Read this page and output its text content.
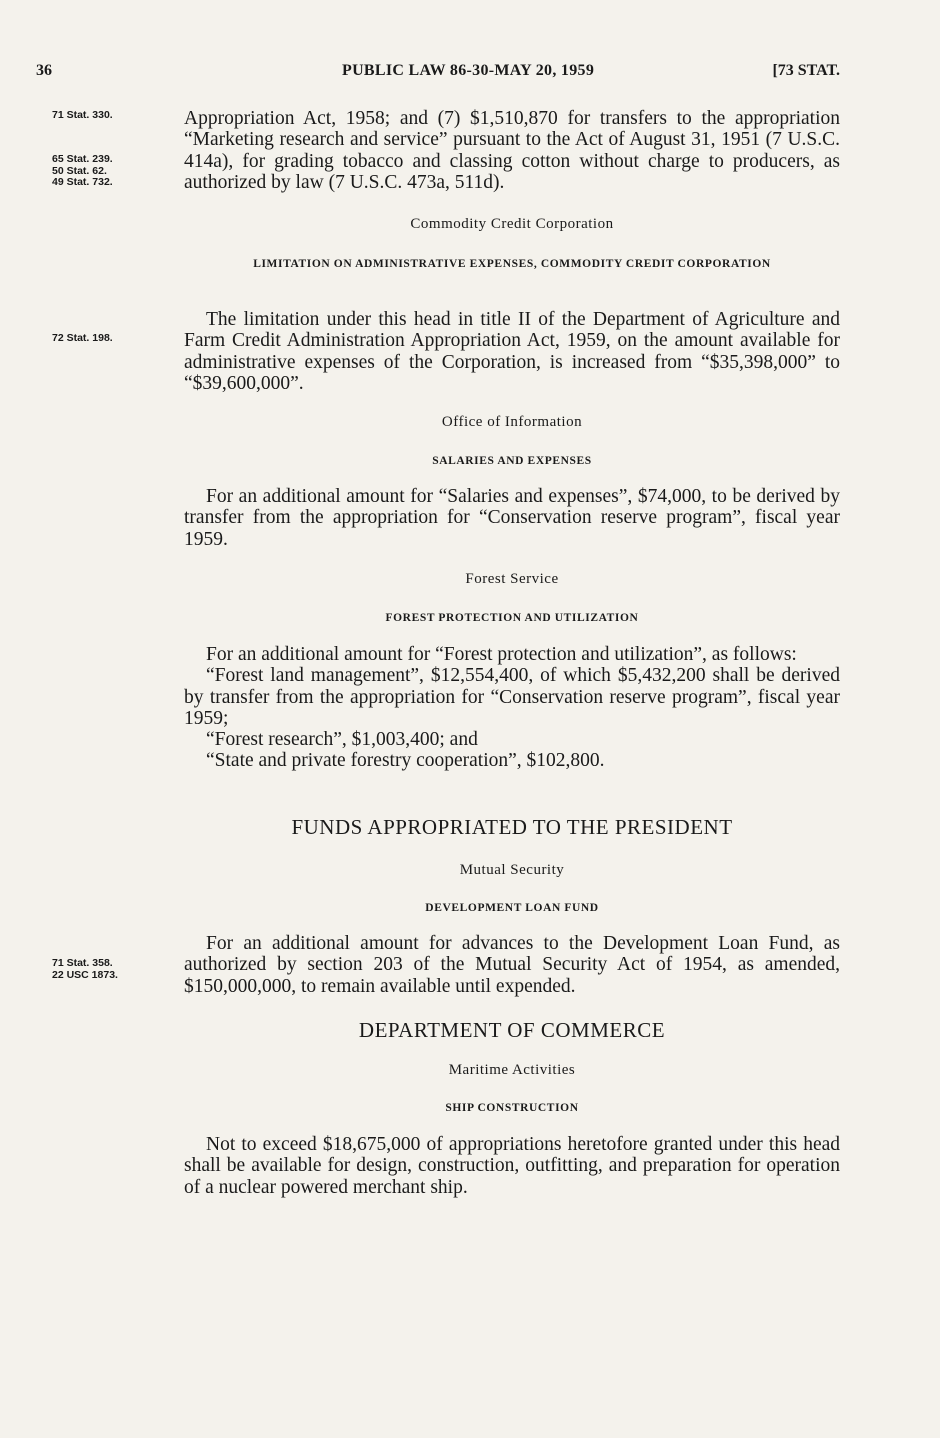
36	PUBLIC LAW 86-30-MAY 20, 1959	[73 STAT.
71 Stat. 330.
65 Stat. 239.
50 Stat. 62.
49 Stat. 732.
72 Stat. 198.
71 Stat. 358.
22 USC 1873.

Appropriation Act, 1958; and (7) $1,510,870 for transfers to the appropriation “Marketing research and service” pursuant to the Act of August 31, 1951 (7 U.S.C. 414a), for grading tobacco and classing cotton without charge to producers, as authorized by law (7 U.S.C. 473a, 511d).

Commodity Credit Corporation
LIMITATION ON ADMINISTRATIVE EXPENSES, COMMODITY CREDIT CORPORATION

The limitation under this head in title II of the Department of Agriculture and Farm Credit Administration Appropriation Act, 1959, on the amount available for administrative expenses of the Corporation, is increased from “$35,398,000” to “$39,600,000”.

Office of Information
SALARIES AND EXPENSES

For an additional amount for “Salaries and expenses”, $74,000, to be derived by transfer from the appropriation for “Conservation reserve program”, fiscal year 1959.

Forest Service
FOREST PROTECTION AND UTILIZATION

For an additional amount for “Forest protection and utilization”, as follows:

“Forest land management”, $12,554,400, of which $5,432,200 shall be derived by transfer from the appropriation for “Conservation reserve program”, fiscal year 1959;

“Forest research”, $1,003,400; and

“State and private forestry cooperation”, $102,800.

FUNDS APPROPRIATED TO THE PRESIDENT
Mutual Security
DEVELOPMENT LOAN FUND

For an additional amount for advances to the Development Loan Fund, as authorized by section 203 of the Mutual Security Act of 1954, as amended, $150,000,000, to remain available until expended.

DEPARTMENT OF COMMERCE
Maritime Activities
SHIP CONSTRUCTION

Not to exceed $18,675,000 of appropriations heretofore granted under this head shall be available for design, construction, outfitting, and preparation for operation of a nuclear powered merchant ship.
